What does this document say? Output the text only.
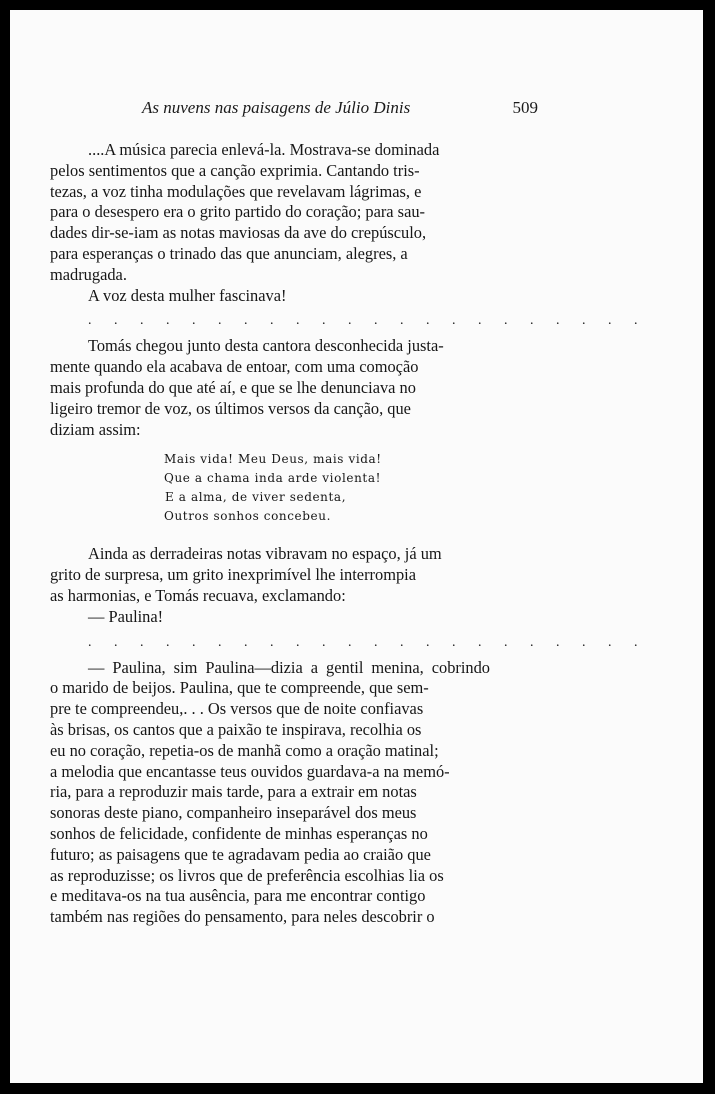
As nuvens nas paisagens de Júlio Dinis	509
....A música parecia enlevá-la. Mostrava-se dominada
pelos sentimentos que a canção exprimia. Cantando tris-
tezas, a voz tinha modulações que revelavam lágrimas, e
para o desespero era o grito partido do coração; para sau-
dades dir-se-iam as notas maviosas da ave do crepúsculo,
para esperanças o trinado das que anunciam, alegres, a
madrugada.
A voz desta mulher fascinava!
. . . . . . . . . . . . . . . . . . . . . .
Tomás chegou junto desta cantora desconhecida justa-
mente quando ela acabava de entoar, com uma comoção
mais profunda do que até aí, e que se lhe denunciava no
ligeiro tremor de voz, os últimos versos da canção, que
diziam assim:
Mais vida! Meu Deus, mais vida!
Que a chama inda arde violenta!
E a alma, de viver sedenta,
Outros sonhos concebeu.
Ainda as derradeiras notas vibravam no espaço, já um
grito de surpresa, um grito inexprimível lhe interrompia
as harmonias, e Tomás recuava, exclamando:
— Paulina!
. . . . . . . . . . . . . . . . . . . . . .
— Paulina, sim Paulina—dizia a gentil menina, cobrindo
o marido de beijos. Paulina, que te compreende, que sem-
pre te compreendeu,. . . Os versos que de noite confiavas
às brisas, os cantos que a paixão te inspirava, recolhia os
eu no coração, repetia-os de manhã como a oração matinal;
a melodia que encantasse teus ouvidos guardava-a na memó-
ria, para a reproduzir mais tarde, para a extrair em notas
sonoras deste piano, companheiro inseparável dos meus
sonhos de felicidade, confidente de minhas esperanças no
futuro; as paisagens que te agradavam pedia ao craião que
as reproduzisse; os livros que de preferência escolhias lia os
e meditava-os na tua ausência, para me encontrar contigo
também nas regiões do pensamento, para neles descobrir o
